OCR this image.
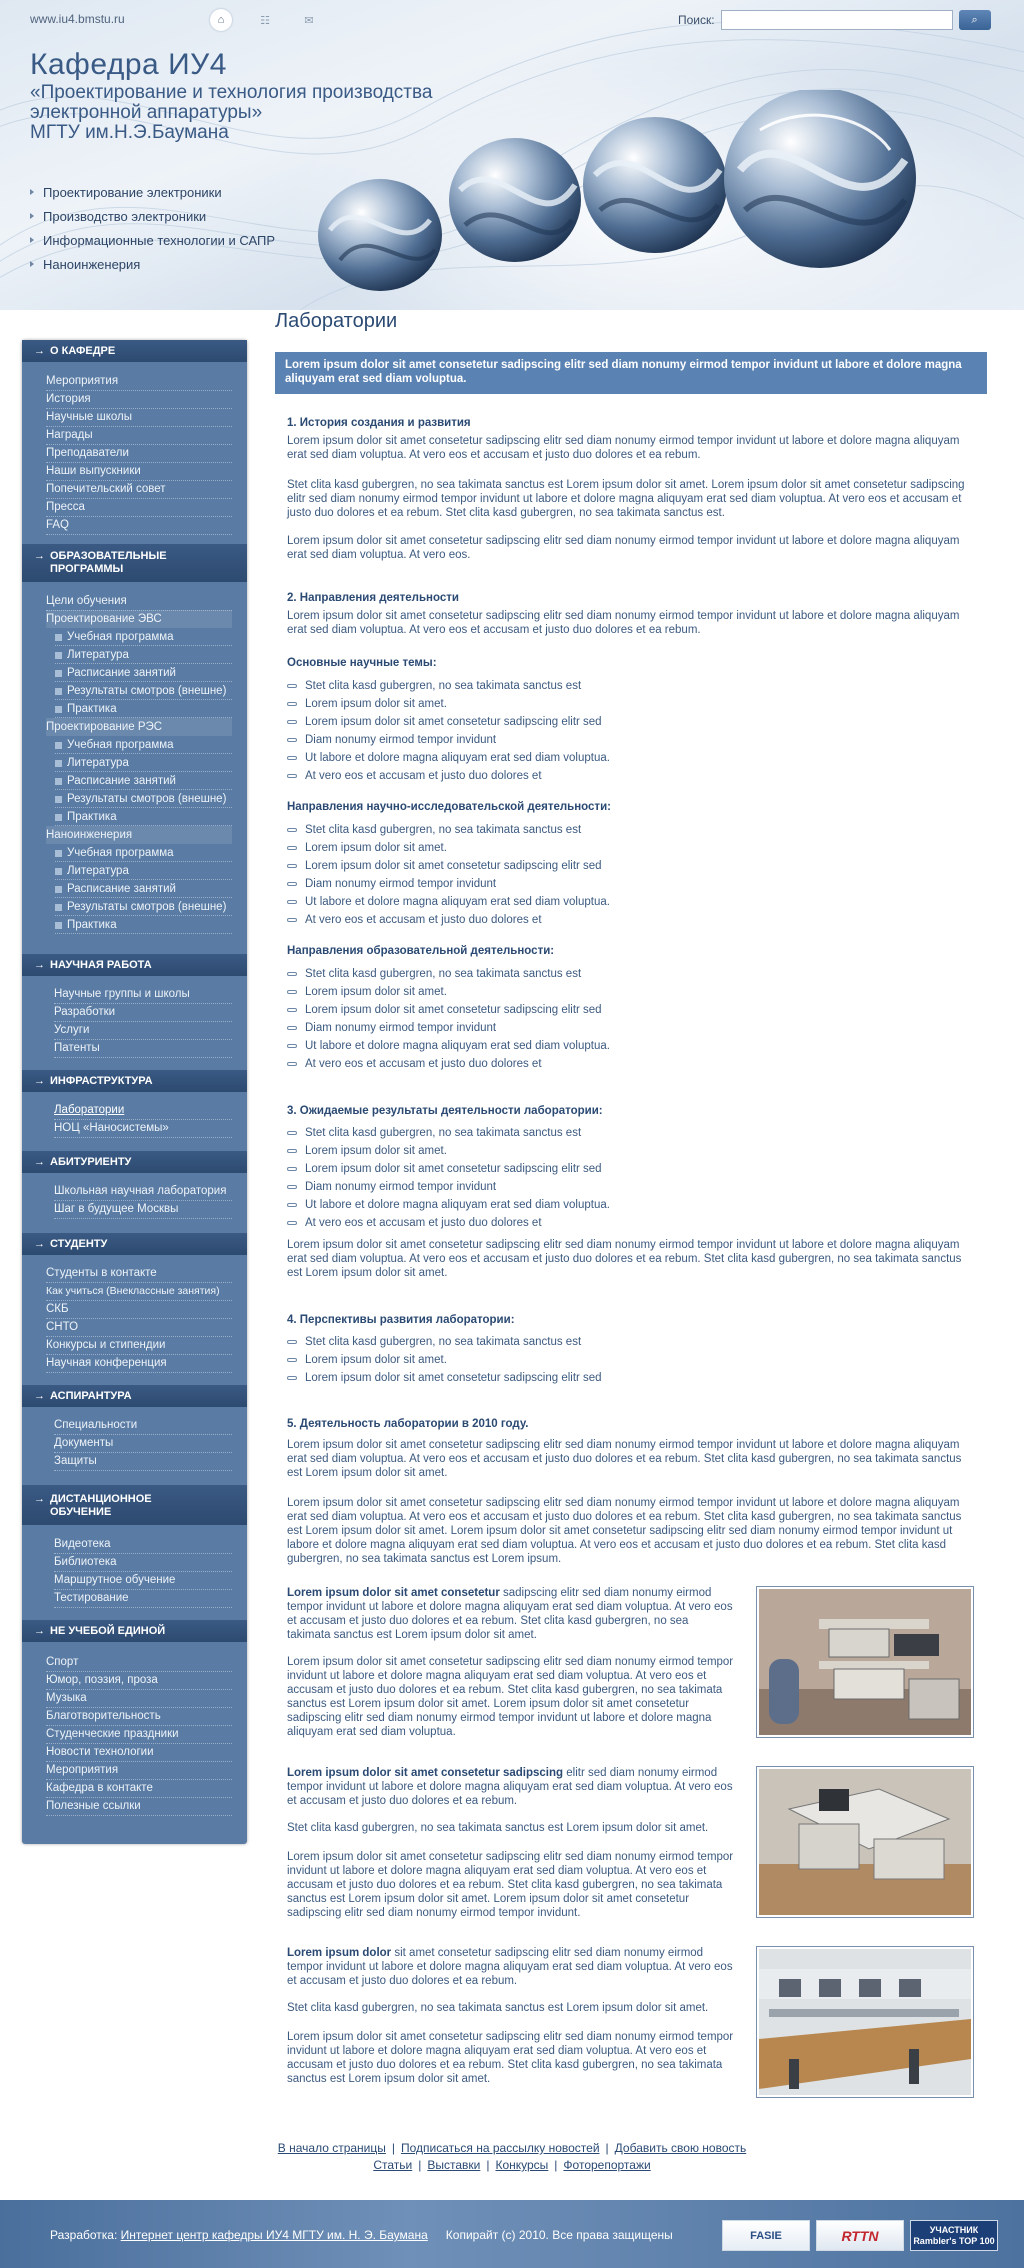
www.iu4.bmstu.ru	⌂	☷	✉	Поиск:	⌕
Кафедра ИУ4
«Проектирование и технология производства
электронной аппаратуры»
МГТУ им.Н.Э.Баумана
Проектирование электроники
Производство электроники
Информационные технологии и САПР
Наноинженерия
→ О КАФЕДРЕ
Мероприятия
История
Научные школы
Награды
Преподаватели
Наши выпускники
Попечительский совет
Пресса
FAQ
→ ОБРАЗОВАТЕЛЬНЫЕ ПРОГРАММЫ
Цели обучения
Проектирование ЭВС
Учебная программа
Литература
Расписание занятий
Результаты смотров (внешне)
Практика
Проектирование РЭС
Учебная программа
Литература
Расписание занятий
Результаты смотров (внешне)
Практика
Наноинженерия
Учебная программа
Литература
Расписание занятий
Результаты смотров (внешне)
Практика
→ НАУЧНАЯ РАБОТА
Научные группы и школы
Разработки
Услуги
Патенты
→ ИНФРАСТРУКТУРА
Лаборатории
НОЦ «Наносистемы»
→ АБИТУРИЕНТУ
Школьная научная лаборатория
Шаг в будущее Москвы
→ СТУДЕНТУ
Студенты в контакте
Как учиться (Внеклассные занятия)
СКБ
СНТО
Конкурсы и стипендии
Научная конференция
→ АСПИРАНТУРА
Специальности
Документы
Защиты
→ ДИСТАНЦИОННОЕ ОБУЧЕНИЕ
Видеотека
Библиотека
Маршрутное обучение
Тестирование
→ НЕ УЧЕБОЙ ЕДИНОЙ
Спорт
Юмор, поэзия, проза
Музыка
Благотворительность
Студенческие праздники
Новости технологии
Мероприятия
Кафедра в контакте
Полезные ссылки
Лаборатории
Lorem ipsum dolor sit amet consetetur sadipscing elitr sed diam nonumy eirmod tempor invidunt ut labore et dolore magna aliquyam erat sed diam voluptua.
1. История создания и развития
Lorem ipsum dolor sit amet consetetur sadipscing elitr sed diam nonumy eirmod tempor invidunt ut labore et dolore magna aliquyam erat sed diam voluptua. At vero eos et accusam et justo duo dolores et ea rebum.
Stet clita kasd gubergren, no sea takimata sanctus est Lorem ipsum dolor sit amet. Lorem ipsum dolor sit amet consetetur sadipscing elitr sed diam nonumy eirmod tempor invidunt ut labore et dolore magna aliquyam erat sed diam voluptua. At vero eos et accusam et justo duo dolores et ea rebum. Stet clita kasd gubergren, no sea takimata sanctus est.
Lorem ipsum dolor sit amet consetetur sadipscing elitr sed diam nonumy eirmod tempor invidunt ut labore et dolore magna aliquyam erat sed diam voluptua. At vero eos.
2. Направления деятельности
Lorem ipsum dolor sit amet consetetur sadipscing elitr sed diam nonumy eirmod tempor invidunt ut labore et dolore magna aliquyam erat sed diam voluptua. At vero eos et accusam et justo duo dolores et ea rebum.
Основные научные темы:
Stet clita kasd gubergren, no sea takimata sanctus est
Lorem ipsum dolor sit amet.
Lorem ipsum dolor sit amet consetetur sadipscing elitr sed
Diam nonumy eirmod tempor invidunt
Ut labore et dolore magna aliquyam erat sed diam voluptua.
At vero eos et accusam et justo duo dolores et
Направления научно-исследовательской деятельности:
Stet clita kasd gubergren, no sea takimata sanctus est
Lorem ipsum dolor sit amet.
Lorem ipsum dolor sit amet consetetur sadipscing elitr sed
Diam nonumy eirmod tempor invidunt
Ut labore et dolore magna aliquyam erat sed diam voluptua.
At vero eos et accusam et justo duo dolores et
Направления образовательной деятельности:
Stet clita kasd gubergren, no sea takimata sanctus est
Lorem ipsum dolor sit amet.
Lorem ipsum dolor sit amet consetetur sadipscing elitr sed
Diam nonumy eirmod tempor invidunt
Ut labore et dolore magna aliquyam erat sed diam voluptua.
At vero eos et accusam et justo duo dolores et
3. Ожидаемые результаты деятельности лаборатории:
Stet clita kasd gubergren, no sea takimata sanctus est
Lorem ipsum dolor sit amet.
Lorem ipsum dolor sit amet consetetur sadipscing elitr sed
Diam nonumy eirmod tempor invidunt
Ut labore et dolore magna aliquyam erat sed diam voluptua.
At vero eos et accusam et justo duo dolores et
Lorem ipsum dolor sit amet consetetur sadipscing elitr sed diam nonumy eirmod tempor invidunt ut labore et dolore magna aliquyam erat sed diam voluptua. At vero eos et accusam et justo duo dolores et ea rebum. Stet clita kasd gubergren, no sea takimata sanctus est Lorem ipsum dolor sit amet.
4. Перспективы развития лаборатории:
Stet clita kasd gubergren, no sea takimata sanctus est
Lorem ipsum dolor sit amet.
Lorem ipsum dolor sit amet consetetur sadipscing elitr sed
5. Деятельность лаборатории в 2010 году.
Lorem ipsum dolor sit amet consetetur sadipscing elitr sed diam nonumy eirmod tempor invidunt ut labore et dolore magna aliquyam erat sed diam voluptua. At vero eos et accusam et justo duo dolores et ea rebum. Stet clita kasd gubergren, no sea takimata sanctus est Lorem ipsum dolor sit amet.
Lorem ipsum dolor sit amet consetetur sadipscing elitr sed diam nonumy eirmod tempor invidunt ut labore et dolore magna aliquyam erat sed diam voluptua. At vero eos et accusam et justo duo dolores et ea rebum. Stet clita kasd gubergren, no sea takimata sanctus est Lorem ipsum dolor sit amet. Lorem ipsum dolor sit amet consetetur sadipscing elitr sed diam nonumy eirmod tempor invidunt ut labore et dolore magna aliquyam erat sed diam voluptua. At vero eos et accusam et justo duo dolores et ea rebum. Stet clita kasd gubergren, no sea takimata sanctus est Lorem ipsum.
Lorem ipsum dolor sit amet consetetur sadipscing elitr sed diam nonumy eirmod tempor invidunt ut labore et dolore magna aliquyam erat sed diam voluptua. At vero eos et accusam et justo duo dolores et ea rebum. Stet clita kasd gubergren, no sea takimata sanctus est Lorem ipsum dolor sit amet.
Lorem ipsum dolor sit amet consetetur sadipscing elitr sed diam nonumy eirmod tempor invidunt ut labore et dolore magna aliquyam erat sed diam voluptua. At vero eos et accusam et justo duo dolores et ea rebum. Stet clita kasd gubergren, no sea takimata sanctus est Lorem ipsum dolor sit amet. Lorem ipsum dolor sit amet consetetur sadipscing elitr sed diam nonumy eirmod tempor invidunt ut labore et dolore magna aliquyam erat sed diam voluptua.
Lorem ipsum dolor sit amet consetetur sadipscing elitr sed diam nonumy eirmod tempor invidunt ut labore et dolore magna aliquyam erat sed diam voluptua. At vero eos et accusam et justo duo dolores et ea rebum.
Stet clita kasd gubergren, no sea takimata sanctus est Lorem ipsum dolor sit amet.
Lorem ipsum dolor sit amet consetetur sadipscing elitr sed diam nonumy eirmod tempor invidunt ut labore et dolore magna aliquyam erat sed diam voluptua. At vero eos et accusam et justo duo dolores et ea rebum. Stet clita kasd gubergren, no sea takimata sanctus est Lorem ipsum dolor sit amet. Lorem ipsum dolor sit amet consetetur sadipscing elitr sed diam nonumy eirmod tempor invidunt.
Lorem ipsum dolor sit amet consetetur sadipscing elitr sed diam nonumy eirmod tempor invidunt ut labore et dolore magna aliquyam erat sed diam voluptua. At vero eos et accusam et justo duo dolores et ea rebum.
Stet clita kasd gubergren, no sea takimata sanctus est Lorem ipsum dolor sit amet.
Lorem ipsum dolor sit amet consetetur sadipscing elitr sed diam nonumy eirmod tempor invidunt ut labore et dolore magna aliquyam erat sed diam voluptua. At vero eos et accusam et justo duo dolores et ea rebum. Stet clita kasd gubergren, no sea takimata sanctus est Lorem ipsum dolor sit amet.
В начало страницы | Подписаться на рассылку новостей | Добавить свою новость
Статьи | Выставки | Конкурсы | Фоторепортажи
Разработка: Интернет центр кафедры ИУ4 МГТУ им. Н. Э. Баумана Копирайт (c) 2010. Все права защищены	FASIE	RTTN	УЧАСТНИК
Rambler's TOP 100
